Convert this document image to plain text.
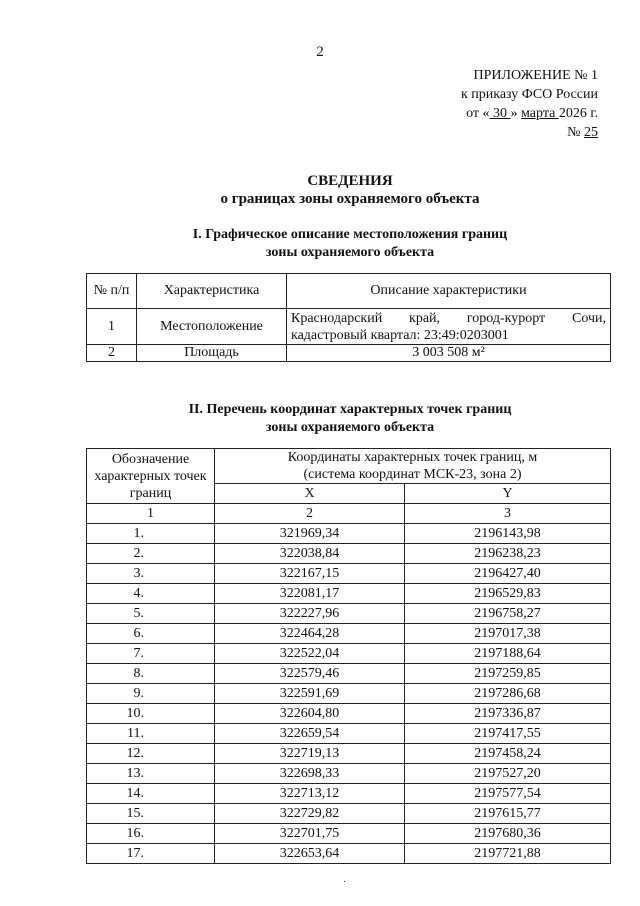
2
ПРИЛОЖЕНИЕ № 1
к приказу ФСО России
от « 30 » марта 2026 г.
№ 25
СВЕДЕНИЯ
о границах зоны охраняемого объекта
I. Графическое описание местоположения границ
зоны охраняемого объекта
№ п/п	Характеристика	Описание характеристики
1	Местоположение	Краснодарский край, город-курорт Сочи, кадастровый квартал: 23:49:0203001
2	Площадь	3 003 508 м²
II. Перечень координат характерных точек границ
зоны охраняемого объекта
Обозначение характерных точек границ	Координаты характерных точек границ, м
(система координат МСК-23, зона 2)	

	X	Y
1	2	3
1.	321969,34	2196143,98
2.	322038,84	2196238,23
3.	322167,15	2196427,40
4.	322081,17	2196529,83
5.	322227,96	2196758,27
6.	322464,28	2197017,38
7.	322522,04	2197188,64
8.	322579,46	2197259,85
9.	322591,69	2197286,68
10.	322604,80	2197336,87
11.	322659,54	2197417,55
12.	322719,13	2197458,24
13.	322698,33	2197527,20
14.	322713,12	2197577,54
15.	322729,82	2197615,77
16.	322701,75	2197680,36
17.	322653,64	2197721,88
˙
